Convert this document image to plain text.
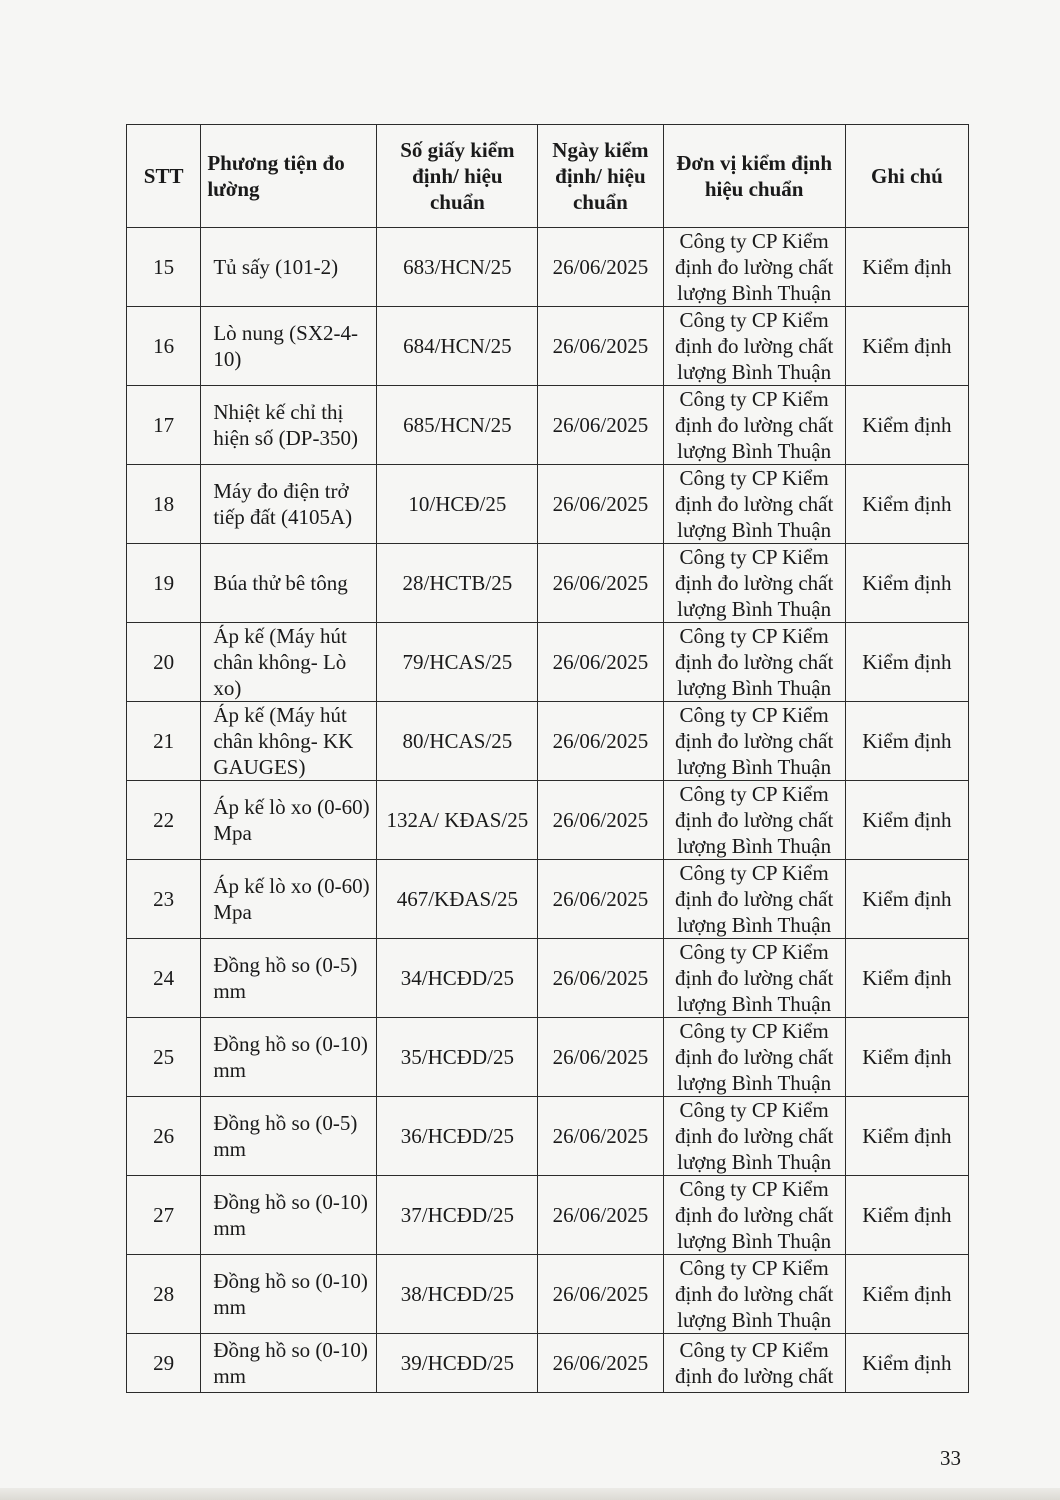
STT	Phương tiện đo lường	Số giấy kiểm định/ hiệu chuẩn	Ngày kiểm định/ hiệu chuẩn	Đơn vị kiểm định hiệu chuẩn	Ghi chú
15	Tủ sấy (101-2)	683/HCN/25	26/06/2025	Công ty CP Kiểm định đo lường chất lượng Bình Thuận	Kiểm định
16	Lò nung (SX2-4-10)	684/HCN/25	26/06/2025	Công ty CP Kiểm định đo lường chất lượng Bình Thuận	Kiểm định
17	Nhiệt kế chỉ thị hiện số (DP-350)	685/HCN/25	26/06/2025	Công ty CP Kiểm định đo lường chất lượng Bình Thuận	Kiểm định
18	Máy đo điện trở tiếp đất (4105A)	10/HCĐ/25	26/06/2025	Công ty CP Kiểm định đo lường chất lượng Bình Thuận	Kiểm định
19	Búa thử bê tông	28/HCTB/25	26/06/2025	Công ty CP Kiểm định đo lường chất lượng Bình Thuận	Kiểm định
20	Áp kế (Máy hút chân không- Lò xo)	79/HCAS/25	26/06/2025	Công ty CP Kiểm định đo lường chất lượng Bình Thuận	Kiểm định
21	Áp kế (Máy hút chân không- KK GAUGES)	80/HCAS/25	26/06/2025	Công ty CP Kiểm định đo lường chất lượng Bình Thuận	Kiểm định
22	Áp kế lò xo (0-60) Mpa	132A/ KĐAS/25	26/06/2025	Công ty CP Kiểm định đo lường chất lượng Bình Thuận	Kiểm định
23	Áp kế lò xo (0-60) Mpa	467/KĐAS/25	26/06/2025	Công ty CP Kiểm định đo lường chất lượng Bình Thuận	Kiểm định
24	Đồng hồ so (0-5) mm	34/HCĐD/25	26/06/2025	Công ty CP Kiểm định đo lường chất lượng Bình Thuận	Kiểm định
25	Đồng hồ so (0-10) mm	35/HCĐD/25	26/06/2025	Công ty CP Kiểm định đo lường chất lượng Bình Thuận	Kiểm định
26	Đồng hồ so (0-5) mm	36/HCĐD/25	26/06/2025	Công ty CP Kiểm định đo lường chất lượng Bình Thuận	Kiểm định
27	Đồng hồ so (0-10) mm	37/HCĐD/25	26/06/2025	Công ty CP Kiểm định đo lường chất lượng Bình Thuận	Kiểm định
28	Đồng hồ so (0-10) mm	38/HCĐD/25	26/06/2025	Công ty CP Kiểm định đo lường chất lượng Bình Thuận	Kiểm định
29	Đồng hồ so (0-10) mm	39/HCĐD/25	26/06/2025	Công ty CP Kiểm định đo lường chất	Kiểm định
33
